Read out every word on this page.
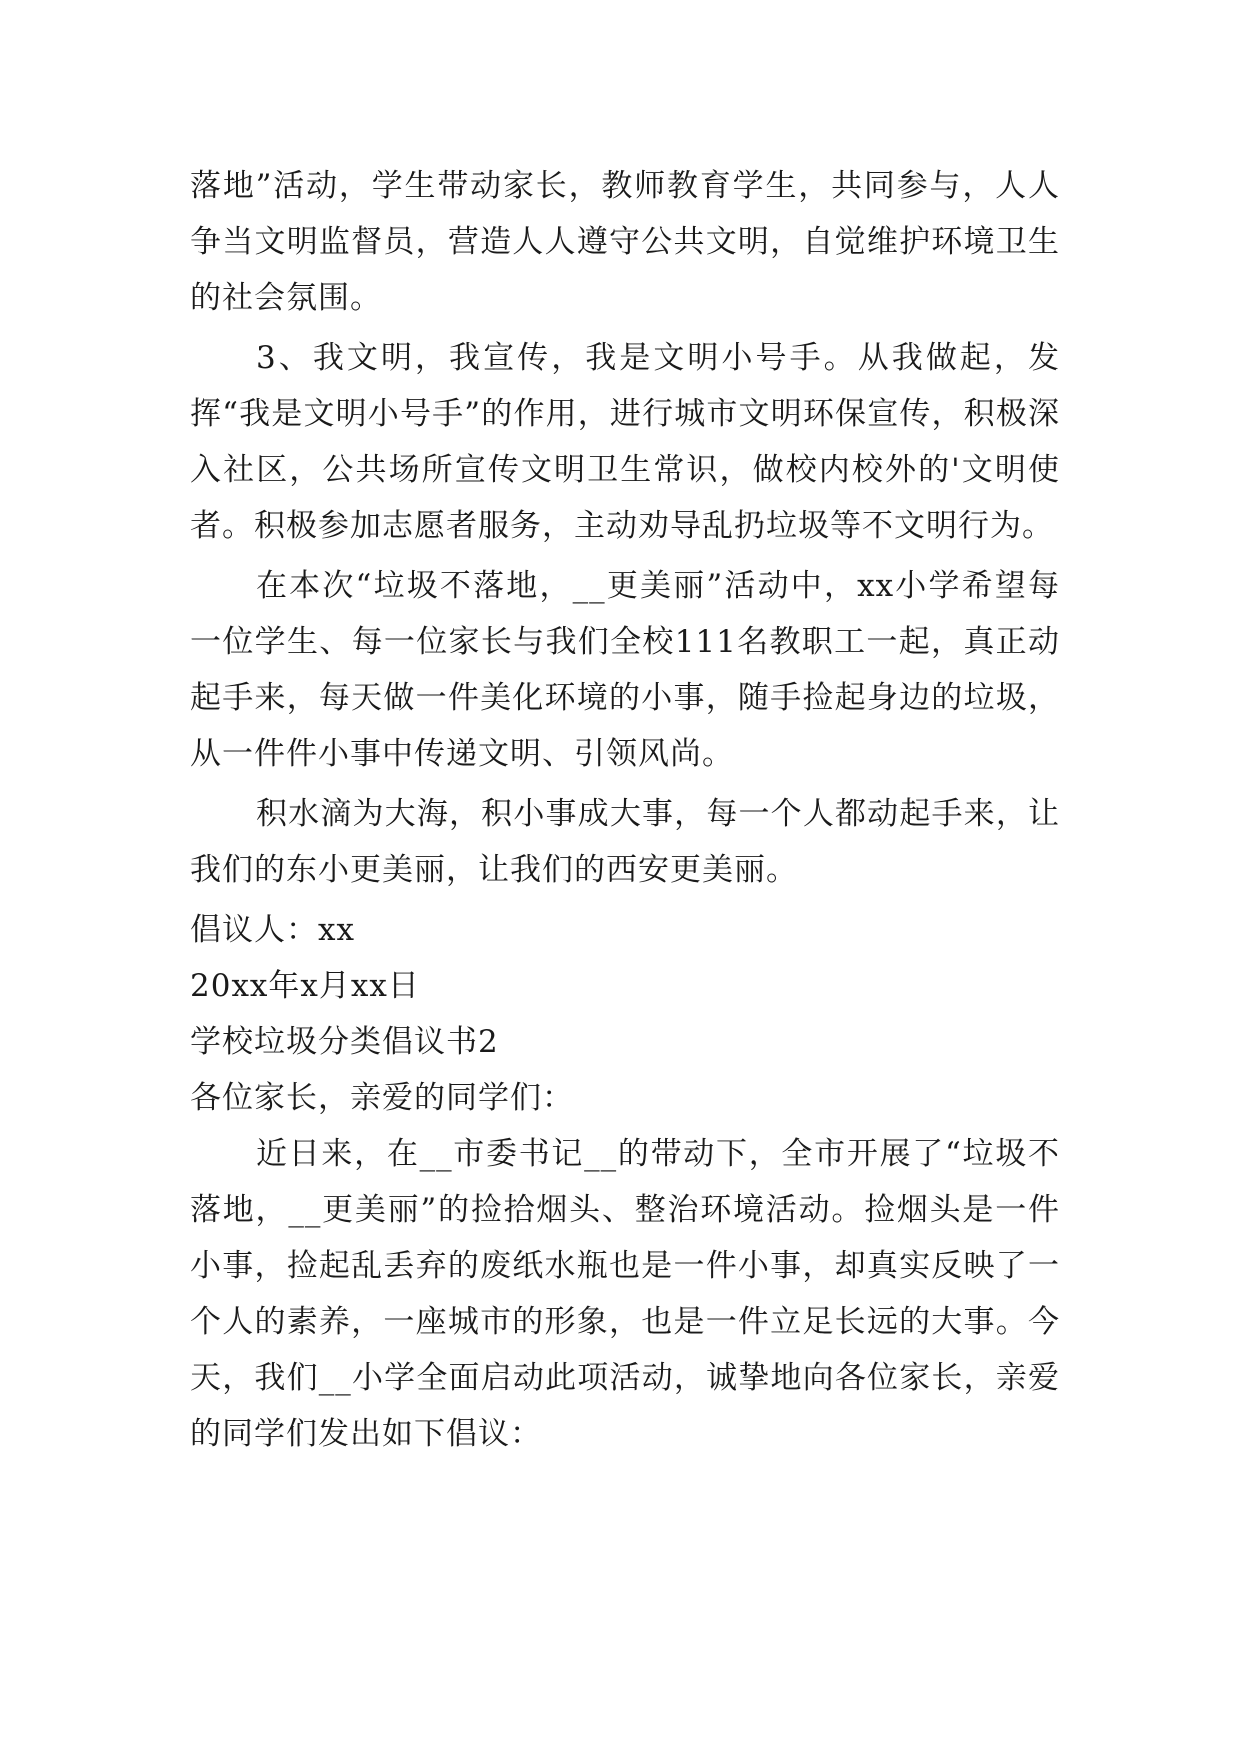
落地”活动，学生带动家长，教师教育学生，共同参与，人人争当文明监督员，营造人人遵守公共文明，自觉维护环境卫生的社会氛围。

3、我文明，我宣传，我是文明小号手。从我做起，发挥“我是文明小号手”的作用，进行城市文明环保宣传，积极深入社区，公共场所宣传文明卫生常识，做校内校外的'文明使者。积极参加志愿者服务，主动劝导乱扔垃圾等不文明行为。

在本次“垃圾不落地，__更美丽”活动中，xx小学希望每一位学生、每一位家长与我们全校111名教职工一起，真正动起手来，每天做一件美化环境的小事，随手捡起身边的垃圾，从一件件小事中传递文明、引领风尚。

积水滴为大海，积小事成大事，每一个人都动起手来，让我们的东小更美丽，让我们的西安更美丽。

倡议人：xx

20xx年x月xx日

学校垃圾分类倡议书2

各位家长，亲爱的同学们：

近日来，在__市委书记__的带动下，全市开展了“垃圾不落地，__更美丽”的捡拾烟头、整治环境活动。捡烟头是一件小事，捡起乱丢弃的废纸水瓶也是一件小事，却真实反映了一个人的素养，一座城市的形象，也是一件立足长远的大事。今天，我们__小学全面启动此项活动，诚挚地向各位家长，亲爱的同学们发出如下倡议：
